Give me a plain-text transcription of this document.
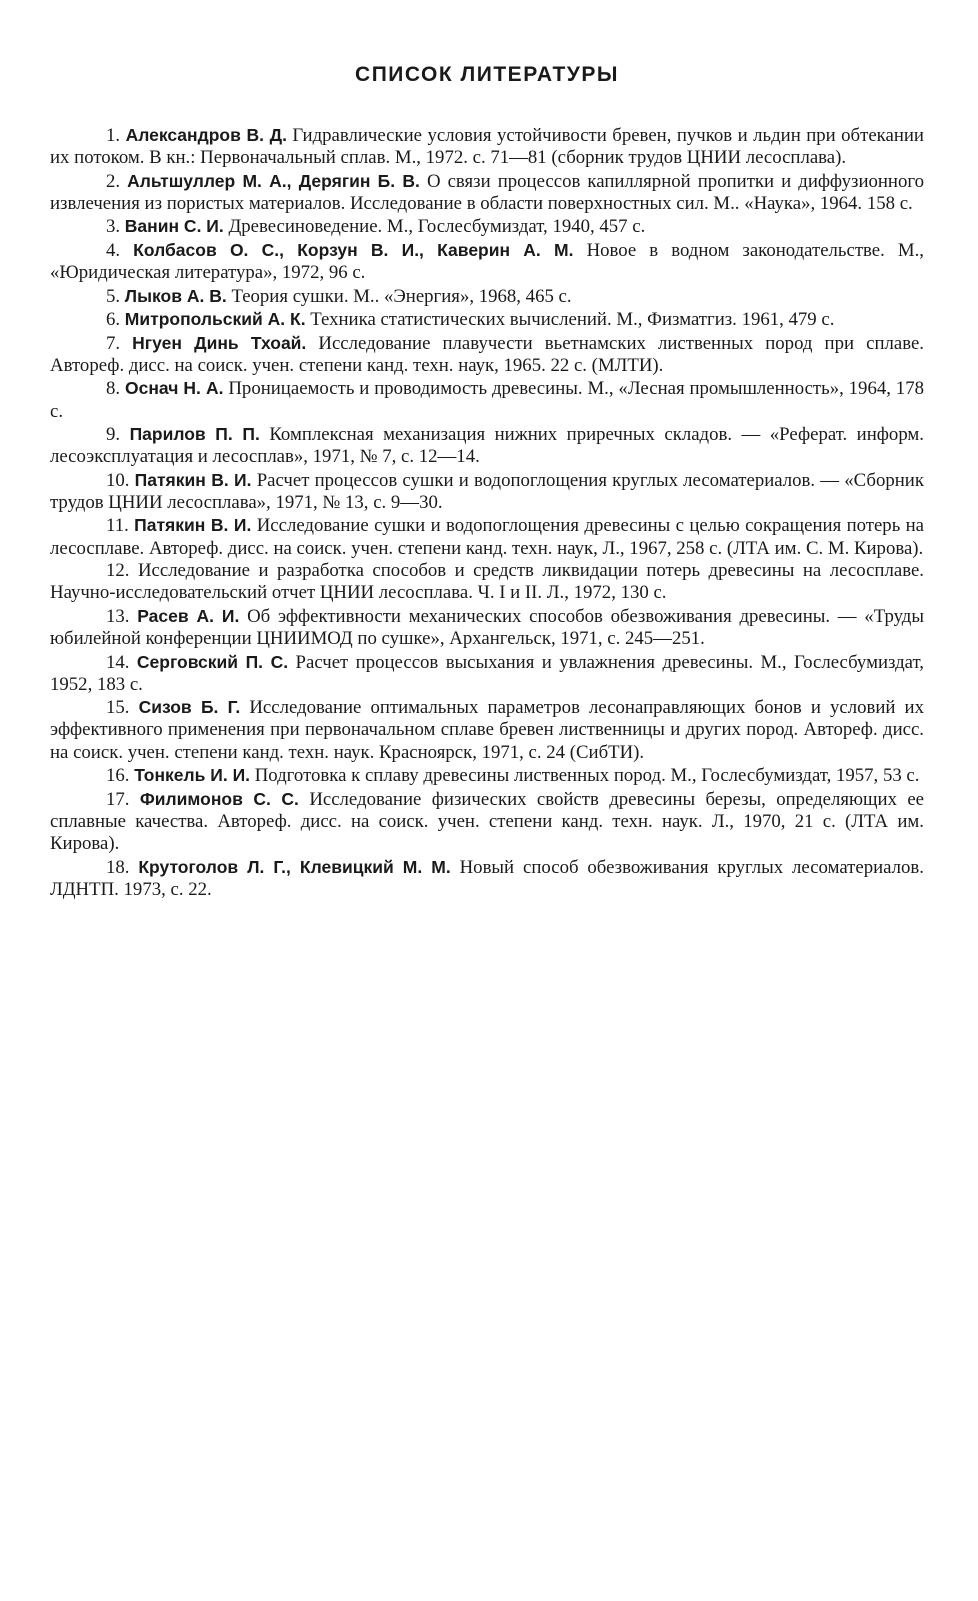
СПИСОК ЛИТЕРАТУРЫ
1. Александров В. Д. Гидравлические условия устойчивости бревен, пучков и льдин при обтекании их потоком. В кн.: Первоначальный сплав. М., 1972. с. 71—81 (сборник трудов ЦНИИ лесосплава).
2. Альтшуллер М. А., Дерягин Б. В. О связи процессов капиллярной пропитки и диффузионного извлечения из пористых материалов. Исследование в области поверхностных сил. М.. «Наука», 1964. 158 с.
3. Ванин С. И. Древесиноведение. М., Гослесбумиздат, 1940, 457 с.
4. Колбасов О. С., Корзун В. И., Каверин А. М. Новое в водном законодательстве. М., «Юридическая литература», 1972, 96 с.
5. Лыков А. В. Теория сушки. М.. «Энергия», 1968, 465 с.
6. Митропольский А. К. Техника статистических вычислений. М., Физматгиз. 1961, 479 с.
7. Нгуен Динь Тхоай. Исследование плавучести вьетнамских лиственных пород при сплаве. Автореф. дисс. на соиск. учен. степени канд. техн. наук, 1965. 22 с. (МЛТИ).
8. Оснач Н. А. Проницаемость и проводимость древесины. М., «Лесная промышленность», 1964, 178 с.
9. Парилов П. П. Комплексная механизация нижних приречных складов. — «Реферат. информ. лесоэксплуатация и лесосплав», 1971, № 7, с. 12—14.
10. Патякин В. И. Расчет процессов сушки и водопоглощения круглых лесоматериалов. — «Сборник трудов ЦНИИ лесосплава», 1971, № 13, с. 9—30.
11. Патякин В. И. Исследование сушки и водопоглощения древесины с целью сокращения потерь на лесосплаве. Автореф. дисс. на соиск. учен. степени канд. техн. наук, Л., 1967, 258 с. (ЛТА им. С. М. Кирова).
12. Исследование и разработка способов и средств ликвидации потерь древесины на лесосплаве. Научно-исследовательский отчет ЦНИИ лесосплава. Ч. I и II. Л., 1972, 130 с.
13. Расев А. И. Об эффективности механических способов обезвоживания древесины. — «Труды юбилейной конференции ЦНИИМОД по сушке», Архангельск, 1971, с. 245—251.
14. Серговский П. С. Расчет процессов высыхания и увлажнения древесины. М., Гослесбумиздат, 1952, 183 с.
15. Сизов Б. Г. Исследование оптимальных параметров лесонаправляющих бонов и условий их эффективного применения при первоначальном сплаве бревен лиственницы и других пород. Автореф. дисс. на соиск. учен. степени канд. техн. наук. Красноярск, 1971, с. 24 (СибТИ).
16. Тонкель И. И. Подготовка к сплаву древесины лиственных пород. М., Гослесбумиздат, 1957, 53 с.
17. Филимонов С. С. Исследование физических свойств древесины березы, определяющих ее сплавные качества. Автореф. дисс. на соиск. учен. степени канд. техн. наук. Л., 1970, 21 с. (ЛТА им. Кирова).
18. Крутоголов Л. Г., Клевицкий М. М. Новый способ обезвоживания круглых лесоматериалов. ЛДНТП. 1973, с. 22.
